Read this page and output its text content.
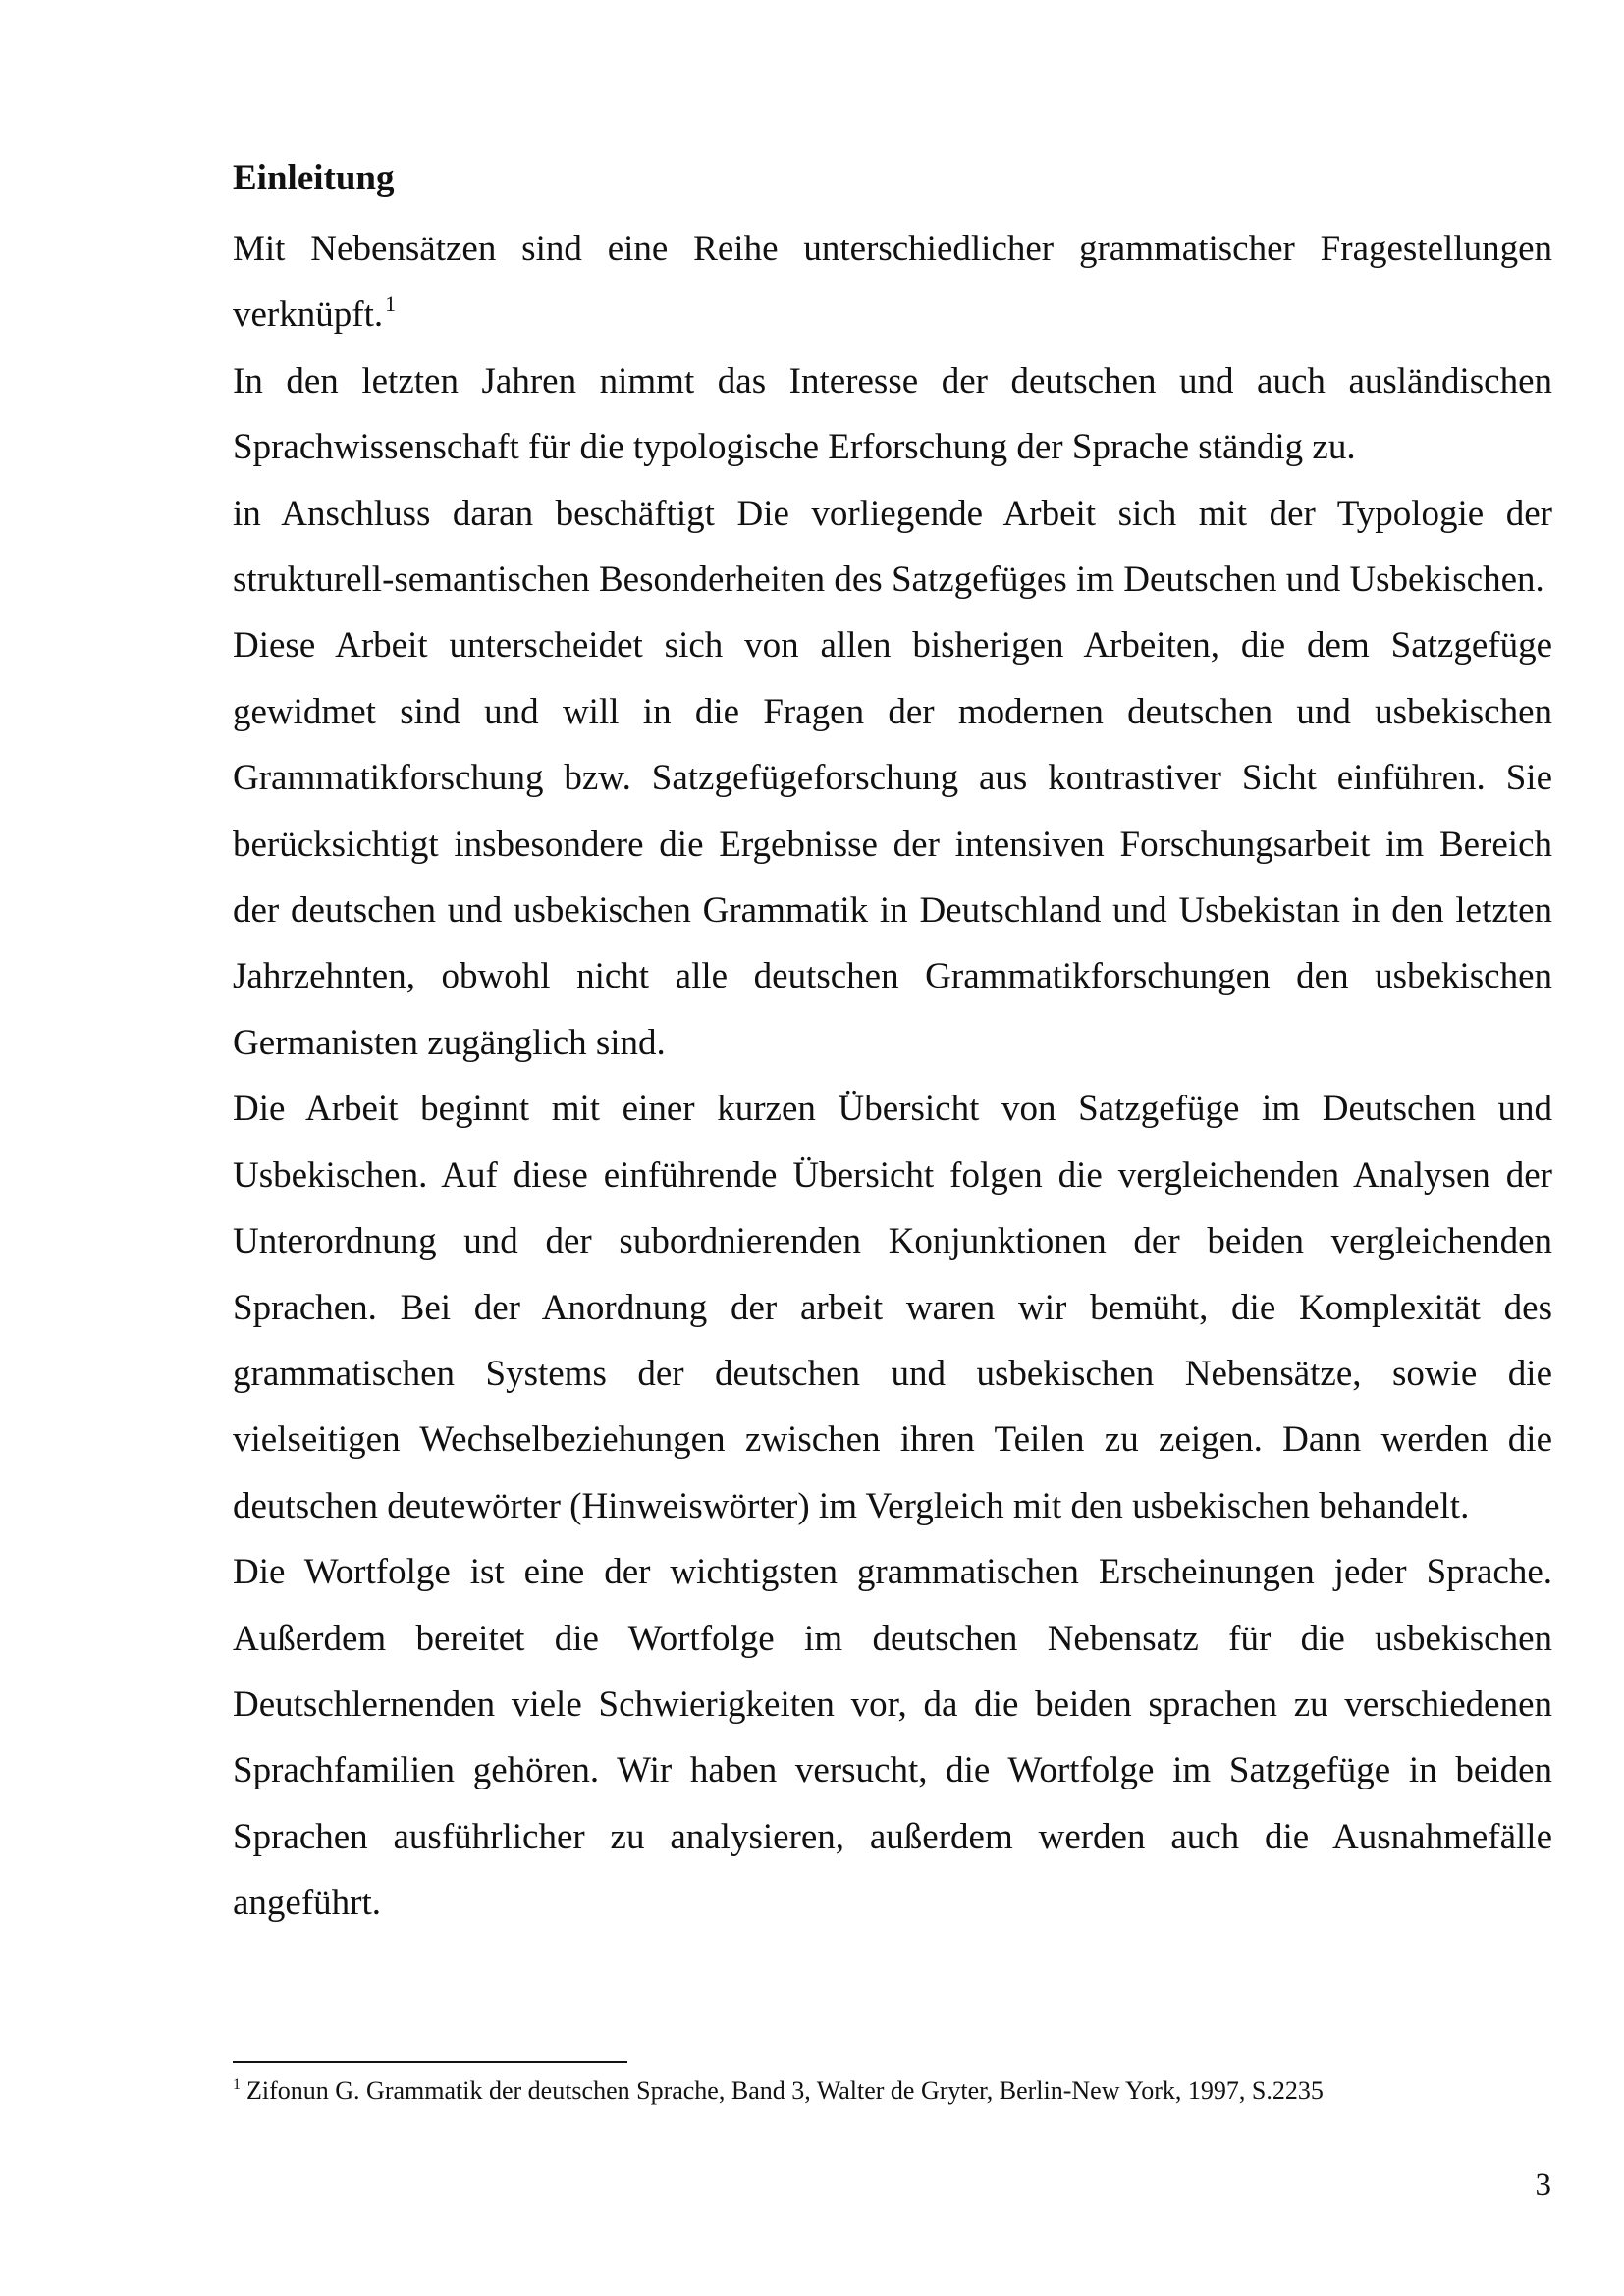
Einleitung

Mit Nebensätzen sind eine Reihe unterschiedlicher grammatischer Fragestellungen verknüpft.$^1$

In den letzten Jahren nimmt das Interesse der deutschen und auch ausländischen Sprachwissenschaft für die typologische Erforschung der Sprache ständig zu.

in Anschluss daran beschäftigt Die vorliegende Arbeit sich mit der Typologie der strukturell-semantischen Besonderheiten des Satzgefüges im Deutschen und Usbekischen.

Diese Arbeit unterscheidet sich von allen bisherigen Arbeiten, die dem Satzgefüge gewidmet sind und will in die Fragen der modernen deutschen und usbekischen Grammatikforschung bzw. Satzgefügeforschung aus kontrastiver Sicht einführen. Sie berücksichtigt insbesondere die Ergebnisse der intensiven Forschungsarbeit im Bereich der deutschen und usbekischen Grammatik in Deutschland und Usbekistan in den letzten Jahrzehnten, obwohl nicht alle deutschen Grammatikforschungen den usbekischen Germanisten zugänglich sind.

Die Arbeit beginnt mit einer kurzen Übersicht von Satzgefüge im Deutschen und Usbekischen. Auf diese einführende Übersicht folgen die vergleichenden Analysen der Unterordnung und der subordnierenden Konjunktionen der beiden vergleichenden Sprachen. Bei der Anordnung der arbeit waren wir bemüht, die Komplexität des grammatischen Systems der deutschen und usbekischen Nebensätze, sowie die vielseitigen Wechselbeziehungen zwischen ihren Teilen zu zeigen. Dann werden die deutschen deutewörter (Hinweiswörter) im Vergleich mit den usbekischen behandelt.

Die Wortfolge ist eine der wichtigsten grammatischen Erscheinungen jeder Sprache. Außerdem bereitet die Wortfolge im deutschen Nebensatz für die usbekischen Deutschlernenden viele Schwierigkeiten vor, da die beiden sprachen zu verschiedenen Sprachfamilien gehören. Wir haben versucht, die Wortfolge im Satzgefüge in beiden Sprachen ausführlicher zu analysieren, außerdem werden auch die Ausnahmefälle angeführt.

$^1$ Zifonun G. Grammatik der deutschen Sprache, Band 3, Walter de Gryter, Berlin-New York, 1997, S.2235
3
